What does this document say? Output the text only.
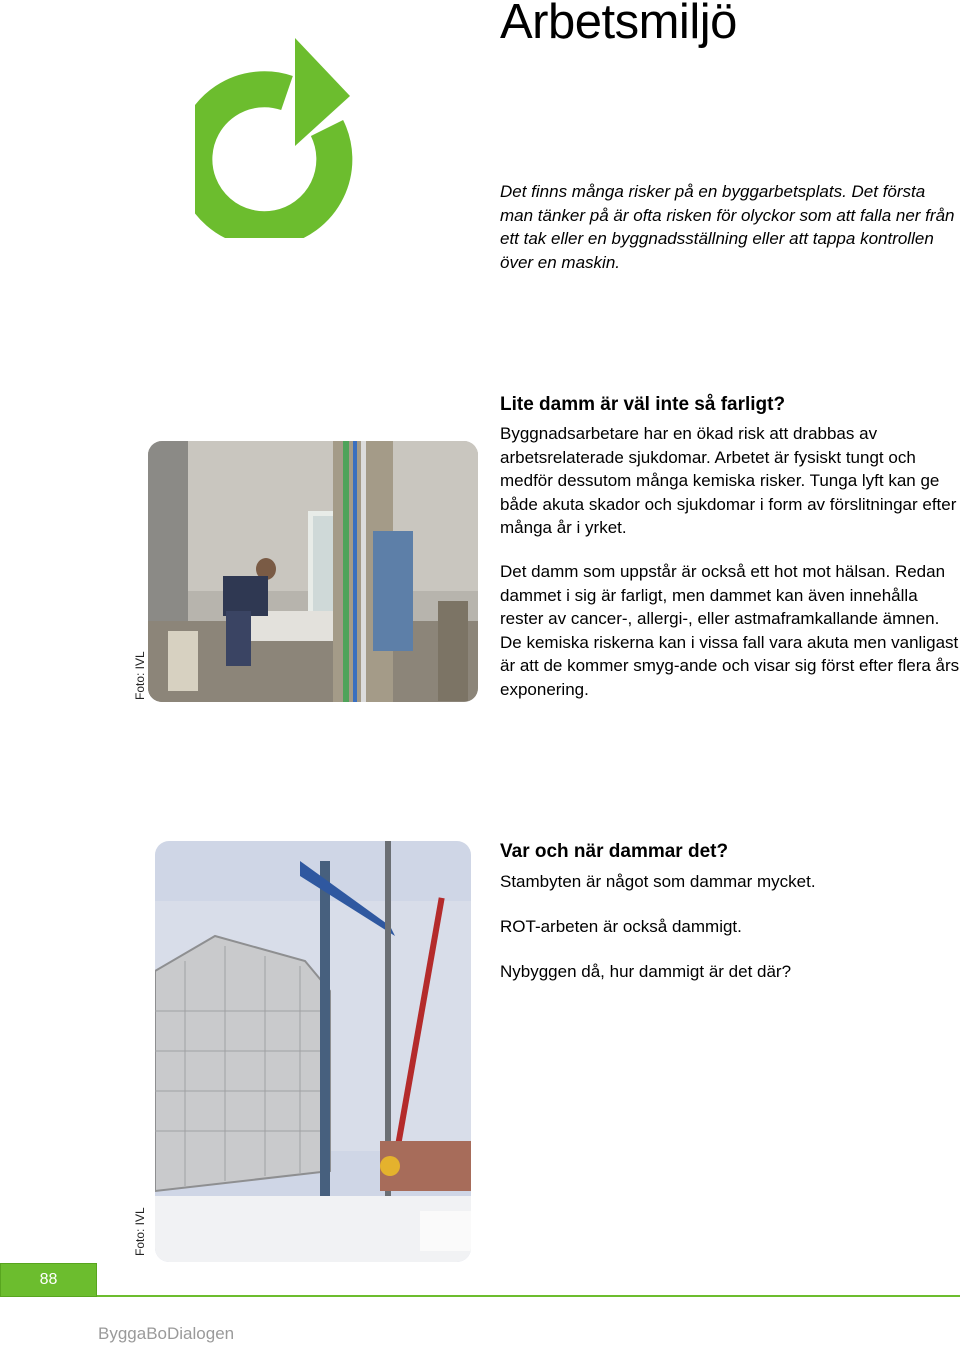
Arbetsmiljö

Det finns många risker på en byggarbetsplats. Det första man tänker på är ofta risken för olyckor som att falla ner från ett tak eller en byggnadsställning eller att tappa kontrollen över en maskin.

Foto: IVL
Lite damm är väl inte så farligt?

Byggnadsarbetare har en ökad risk att drabbas av arbetsrelaterade sjukdomar. Arbetet är fysiskt tungt och medför dessutom många kemiska risker. Tunga lyft kan ge både akuta skador och sjukdomar i form av förslitningar efter många år i yrket.

Det damm som uppstår är också ett hot mot hälsan. Redan dammet i sig är farligt, men dammet kan även innehålla rester av cancer-, allergi-, eller astmaframkallande ämnen. De kemiska riskerna kan i vissa fall vara akuta men vanligast är att de kommer smyg-ande och visar sig först efter flera års exponering.

Foto: IVL
Var och när dammar det?

Stambyten är något som dammar mycket.

ROT-arbeten är också dammigt.

Nybyggen då, hur dammigt är det där?

88
ByggaBoDialogen
